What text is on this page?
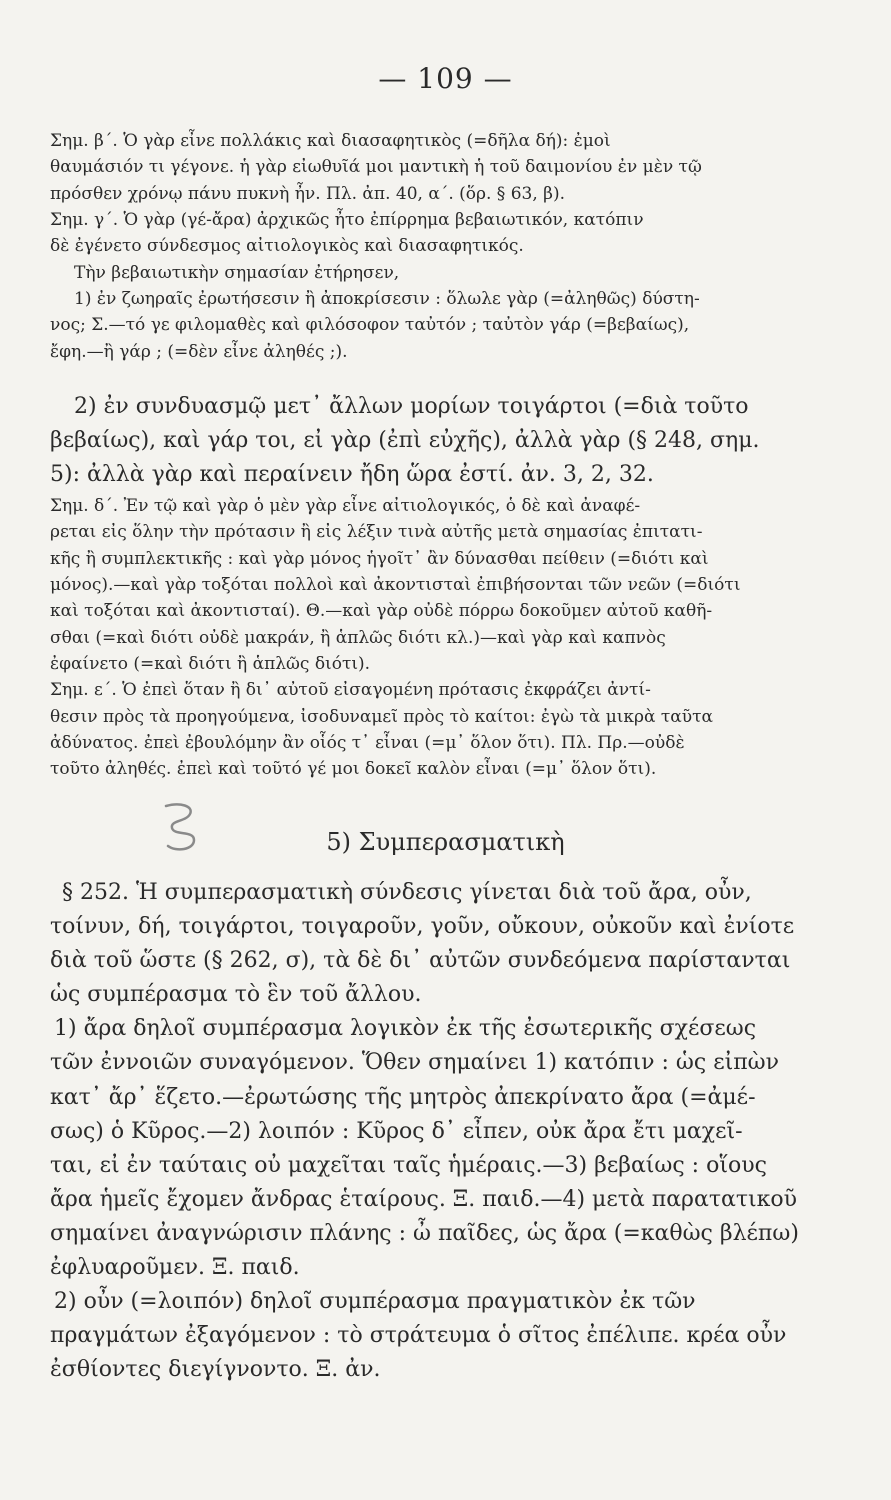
— 109 —
Σημ. β΄. Ὁ γὰρ εἶνε πολλάκις καὶ διασαφητικὸς (=δῆλα δή): ἐμοὶ
θαυμάσιόν τι γέγονε. ἡ γὰρ εἰωθυῖά μοι μαντικὴ ἡ τοῦ δαιμονίου ἐν μὲν τῷ
πρόσθεν χρόνῳ πάνυ πυκνὴ ἦν. Πλ. ἀπ. 40, α΄. (ὅρ. § 63, β).
Σημ. γ΄. Ὁ γὰρ (γέ-ἄρα) ἀρχικῶς ἦτο ἐπίρρημα βεβαιωτικόν, κατόπιν
δὲ ἐγένετο σύνδεσμος αἰτιολογικὸς καὶ διασαφητικός.
Τὴν βεβαιωτικὴν σημασίαν ἐτήρησεν,
1) ἐν ζωηραῖς ἐρωτήσεσιν ἢ ἀποκρίσεσιν : ὅλωλε γὰρ (=ἀληθῶς) δύστη-
νος; Σ.—τό γε φιλομαθὲς καὶ φιλόσοφον ταὐτόν ; ταὐτὸν γάρ (=βεβαίως),
ἔφη.—ἢ γάρ ; (=δὲν εἶνε ἀληθές ;).
2) ἐν συνδυασμῷ μετ᾽ ἄλλων μορίων τοιγάρτοι (=διὰ τοῦτο
βεβαίως), καὶ γάρ τοι, εἰ γὰρ (ἐπὶ εὐχῆς), ἀλλὰ γὰρ (§ 248, σημ.
5): ἀλλὰ γὰρ καὶ περαίνειν ἤδη ὥρα ἐστί. ἀν. 3, 2, 32.
Σημ. δ΄. Ἐν τῷ καὶ γὰρ ὁ μὲν γὰρ εἶνε αἰτιολογικός, ὁ δὲ καὶ ἀναφέ-
ρεται εἰς ὅλην τὴν πρότασιν ἢ εἰς λέξιν τινὰ αὐτῆς μετὰ σημασίας ἐπιτατι-
κῆς ἢ συμπλεκτικῆς : καὶ γὰρ μόνος ἡγοῖτ᾽ ἂν δύνασθαι πείθειν (=διότι καὶ
μόνος).—καὶ γὰρ τοξόται πολλοὶ καὶ ἀκοντισταὶ ἐπιβήσονται τῶν νεῶν (=διότι
καὶ τοξόται καὶ ἀκοντισταί). Θ.—καὶ γὰρ οὐδὲ πόρρω δοκοῦμεν αὐτοῦ καθῆ-
σθαι (=καὶ διότι οὐδὲ μακράν, ἢ ἁπλῶς διότι κλ.)—καὶ γὰρ καὶ καπνὸς
ἐφαίνετο (=καὶ διότι ἢ ἁπλῶς διότι).
Σημ. ε΄. Ὁ ἐπεὶ ὅταν ἢ δι᾽ αὐτοῦ εἰσαγομένη πρότασις ἐκφράζει ἀντί-
θεσιν πρὸς τὰ προηγούμενα, ἰσοδυναμεῖ πρὸς τὸ καίτοι: ἐγὼ τὰ μικρὰ ταῦτα
ἀδύνατος. ἐπεὶ ἐβουλόμην ἂν οἷός τ᾽ εἶναι (=μ᾽ ὅλον ὅτι). Πλ. Πρ.—οὐδὲ
τοῦτο ἀληθές. ἐπεὶ καὶ τοῦτό γέ μοι δοκεῖ καλὸν εἶναι (=μ᾽ ὅλον ὅτι).
5) Συμπερασματικὴ
§ 252. Ἡ συμπερασματικὴ σύνδεσις γίνεται διὰ τοῦ ἄρα, οὖν,
τοίνυν, δή, τοιγάρτοι, τοιγαροῦν, γοῦν, οὔκουν, οὐκοῦν καὶ ἐνίοτε
διὰ τοῦ ὥστε (§ 262, σ), τὰ δὲ δι᾽ αὐτῶν συνδεόμενα παρίστανται
ὡς συμπέρασμα τὸ ἓν τοῦ ἄλλου.
1) ἄρα δηλοῖ συμπέρασμα λογικὸν ἐκ τῆς ἐσωτερικῆς σχέσεως
τῶν ἐννοιῶν συναγόμενον. Ὅθεν σημαίνει 1) κατόπιν : ὡς εἰπὼν
κατ᾽ ἄρ᾽ ἕζετο.—ἐρωτώσης τῆς μητρὸς ἀπεκρίνατο ἄρα (=ἀμέ-
σως) ὁ Κῦρος.—2) λοιπόν : Κῦρος δ᾽ εἶπεν, οὐκ ἄρα ἔτι μαχεῖ-
ται, εἰ ἐν ταύταις οὐ μαχεῖται ταῖς ἡμέραις.—3) βεβαίως : οἵους
ἄρα ἡμεῖς ἔχομεν ἄνδρας ἑταίρους. Ξ. παιδ.—4) μετὰ παρατατικοῦ
σημαίνει ἀναγνώρισιν πλάνης : ὦ παῖδες, ὡς ἄρα (=καθὼς βλέπω)
ἐφλυαροῦμεν. Ξ. παιδ.
2) οὖν (=λοιπόν) δηλοῖ συμπέρασμα πραγματικὸν ἐκ τῶν
πραγμάτων ἐξαγόμενον : τὸ στράτευμα ὁ σῖτος ἐπέλιπε. κρέα οὖν
ἐσθίοντες διεγίγνοντο. Ξ. ἀν.
